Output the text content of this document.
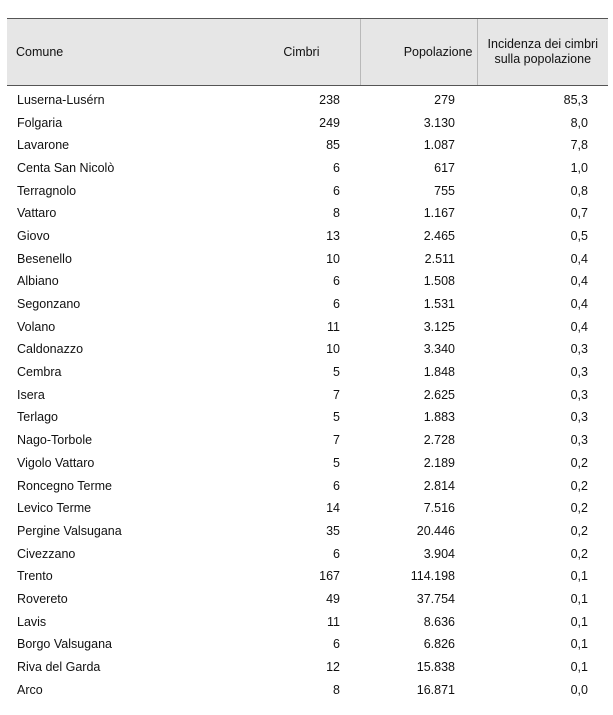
Comune	Cimbri	Popolazione	Incidenza dei cimbri
sulla popolazione
Luserna-Lusérn	238	279	85,3
Folgaria	249	3.130	8,0
Lavarone	85	1.087	7,8
Centa San Nicolò	6	617	1,0
Terragnolo	6	755	0,8
Vattaro	8	1.167	0,7
Giovo	13	2.465	0,5
Besenello	10	2.511	0,4
Albiano	6	1.508	0,4
Segonzano	6	1.531	0,4
Volano	11	3.125	0,4
Caldonazzo	10	3.340	0,3
Cembra	5	1.848	0,3
Isera	7	2.625	0,3
Terlago	5	1.883	0,3
Nago-Torbole	7	2.728	0,3
Vigolo Vattaro	5	2.189	0,2
Roncegno Terme	6	2.814	0,2
Levico Terme	14	7.516	0,2
Pergine Valsugana	35	20.446	0,2
Civezzano	6	3.904	0,2
Trento	167	114.198	0,1
Rovereto	49	37.754	0,1
Lavis	11	8.636	0,1
Borgo Valsugana	6	6.826	0,1
Riva del Garda	12	15.838	0,1
Arco	8	16.871	0,0
